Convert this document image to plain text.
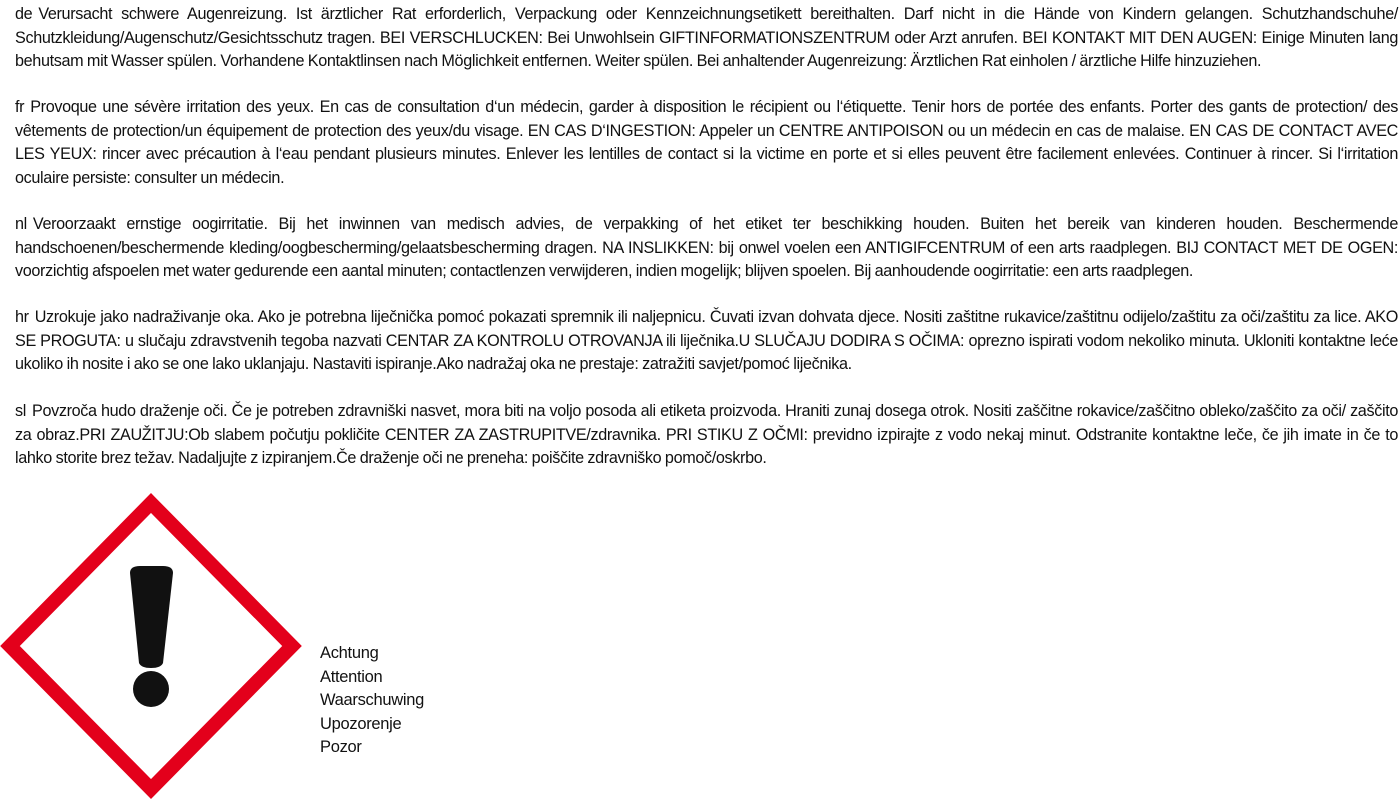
de Verursacht schwere Augenreizung. Ist ärztlicher Rat erforderlich, Verpackung oder Kennzeichnungsetikett bereithalten. Darf nicht in die Hände von Kindern gelangen. Schutzhandschuhe/ Schutzkleidung/Augenschutz/Gesichtsschutz tragen. BEI VERSCHLUCKEN: Bei Unwohlsein GIFTINFORMATIONSZENTRUM oder Arzt anrufen. BEI KONTAKT MIT DEN AUGEN: Einige Minuten lang behutsam mit Wasser spülen. Vorhandene Kontaktlinsen nach Möglichkeit entfernen. Weiter spülen. Bei anhaltender Augenreizung: Ärztlichen Rat einholen / ärztliche Hilfe hinzuziehen.

fr Provoque une sévère irritation des yeux. En cas de consultation d‘un médecin, garder à disposition le récipient ou l‘étiquette. Tenir hors de portée des enfants. Porter des gants de protection/ des vêtements de protection/un équipement de protection des yeux/du visage. EN CAS D‘INGESTION: Appeler un CENTRE ANTIPOISON ou un médecin en cas de malaise. EN CAS DE CONTACT AVEC LES YEUX: rincer avec précaution à l‘eau pendant plusieurs minutes. Enlever les lentilles de contact si la victime en porte et si elles peuvent être facilement enlevées. Continuer à rincer. Si l‘irritation oculaire persiste: consulter un médecin.

nl Veroorzaakt ernstige oogirritatie. Bij het inwinnen van medisch advies, de verpakking of het etiket ter beschikking houden. Buiten het bereik van kinderen houden. Beschermende handschoenen/beschermende kleding/oogbescherming/gelaatsbescherming dragen. NA INSLIKKEN: bij onwel voelen een ANTIGIFCENTRUM of een arts raadplegen. BIJ CONTACT MET DE OGEN: voorzichtig afspoelen met water gedurende een aantal minuten; contactlenzen verwijderen, indien mogelijk; blijven spoelen. Bij aanhoudende oogirritatie: een arts raadplegen.

hr Uzrokuje jako nadraživanje oka. Ako je potrebna liječnička pomoć pokazati spremnik ili naljepnicu. Čuvati izvan dohvata djece. Nositi zaštitne rukavice/zaštitnu odijelo/zaštitu za oči/zaštitu za lice. AKO SE PROGUTA: u slučaju zdravstvenih tegoba nazvati CENTAR ZA KONTROLU OTROVANJA ili liječnika.U SLUČAJU DODIRA S OČIMA: oprezno ispirati vodom nekoliko minuta. Ukloniti kontaktne leće ukoliko ih nosite i ako se one lako uklanjaju. Nastaviti ispiranje.Ako nadražaj oka ne prestaje: zatražiti savjet/pomoć liječnika.

sl Povzroča hudo draženje oči. Če je potreben zdravniški nasvet, mora biti na voljo posoda ali etiketa proizvoda. Hraniti zunaj dosega otrok. Nositi zaščitne rokavice/zaščitno obleko/zaščito za oči/ zaščito za obraz.PRI ZAUŽITJU:Ob slabem počutju pokličite CENTER ZA ZASTRUPITVE/zdravnika. PRI STIKU Z OČMI: previdno izpirajte z vodo nekaj minut. Odstranite kontaktne leče, če jih imate in če to lahko storite brez težav. Nadaljujte z izpiranjem.Če draženje oči ne preneha: poiščite zdravniško pomoč/oskrbo.

Achtung
Attention
Waarschuwing
Upozorenje
Pozor
